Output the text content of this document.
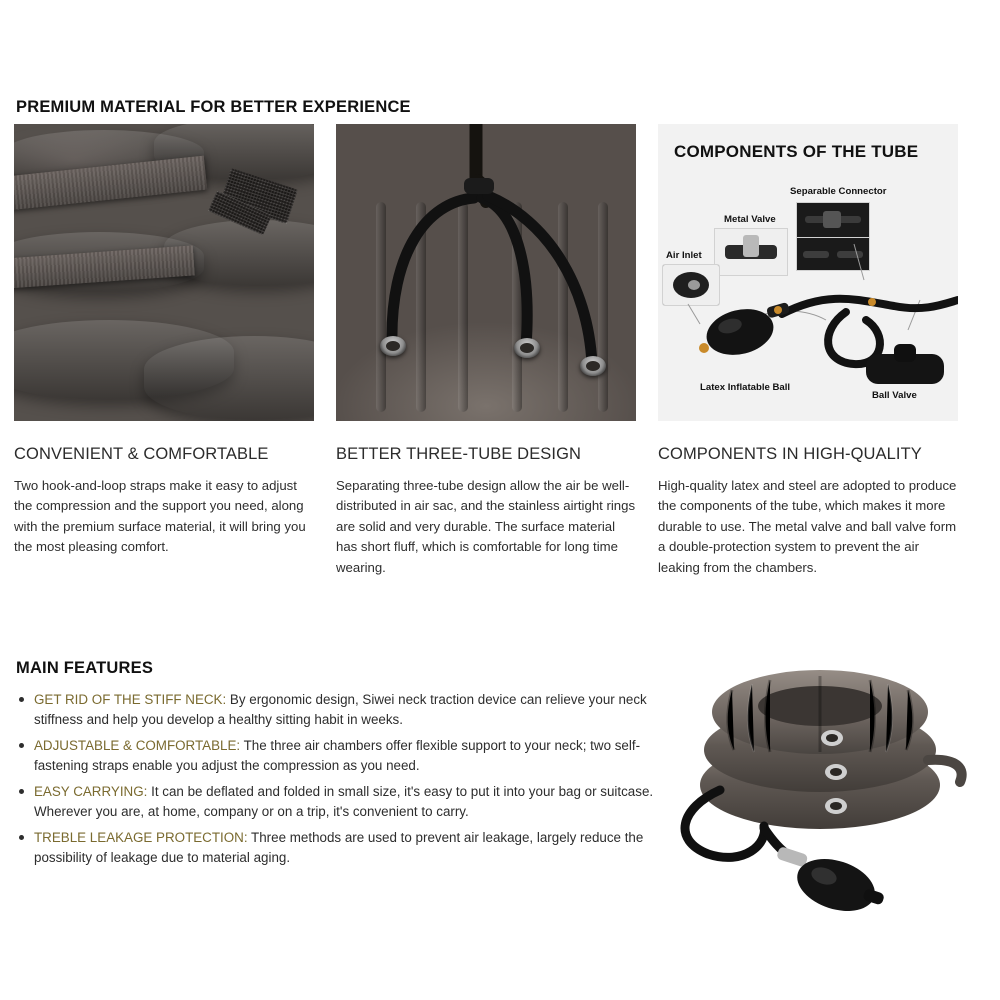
PREMIUM MATERIAL FOR BETTER EXPERIENCE
CONVENIENT & COMFORTABLE
Two hook-and-loop straps make it easy to adjust the compression and the support you need, along with the premium surface material, it will bring you the most pleasing comfort.
BETTER THREE-TUBE DESIGN
Separating three-tube design allow the air be well-distributed in air sac, and the stainless airtight rings are solid and very durable. The surface material has short fluff, which is comfortable for long time wearing.
COMPONENTS OF THE TUBE
Separable Connector
Metal Valve
Air Inlet
Latex Inflatable Ball
Ball Valve
COMPONENTS IN HIGH-QUALITY
High-quality latex and steel are adopted to produce the components of the tube, which makes it more durable to use. The metal valve and ball valve form a double-protection system to prevent the air leaking from the chambers.
MAIN FEATURES
GET RID OF THE STIFF NECK: By ergonomic design, Siwei neck traction device can relieve your neck stiffness and help you develop a healthy sitting habit in weeks.
ADJUSTABLE & COMFORTABLE: The three air chambers offer flexible support to your neck; two self-fastening straps enable you adjust the compression as you need.
EASY CARRYING: It can be deflated and folded in small size, it's easy to put it into your bag or suitcase. Wherever you are, at home, company or on a trip, it's convenient to carry.
TREBLE LEAKAGE PROTECTION: Three methods are used to prevent air leakage, largely reduce the possibility of leakage due to material aging.
